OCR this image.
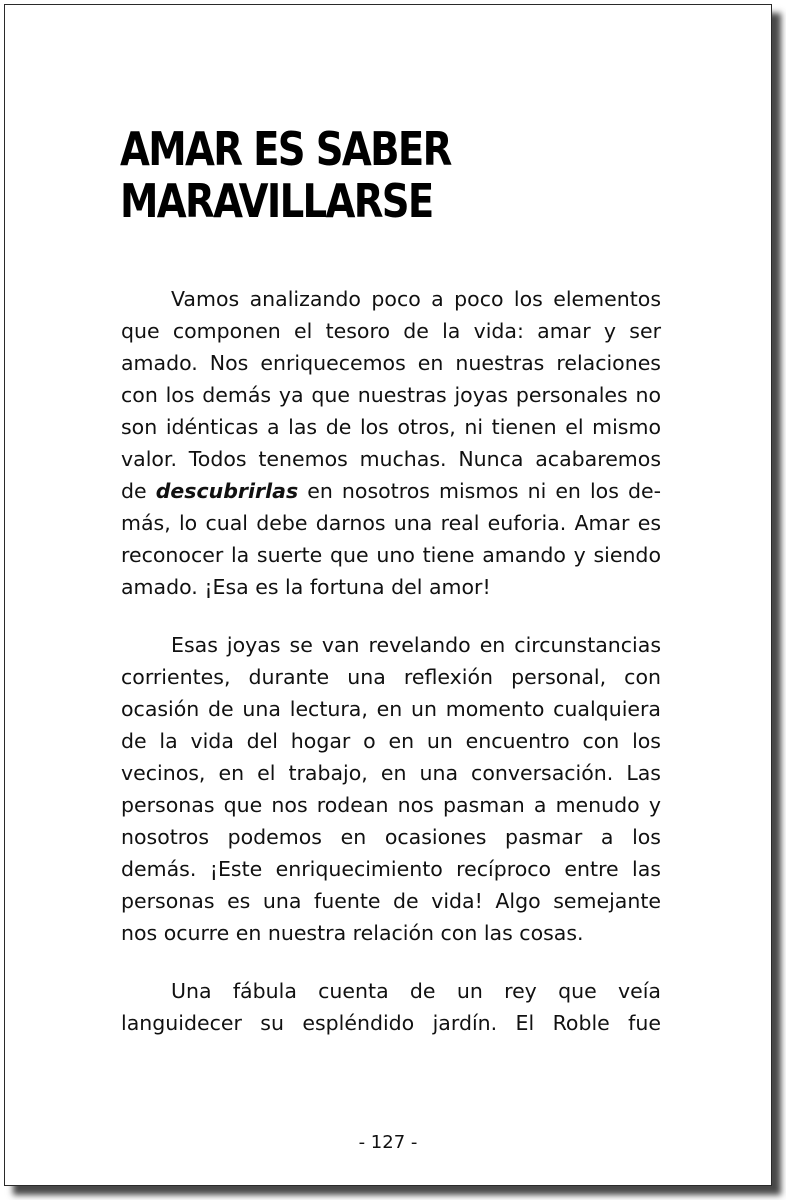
AMAR ES SABER
MARAVILLARSE

Vamos analizando poco a poco los elementos que componen el tesoro de la vida: amar y ser amado. Nos enriquecemos en nuestras relaciones con los demás ya que nuestras joyas personales no son idénticas a las de los otros, ni tienen el mismo valor. Todos tenemos muchas. Nunca acabaremos de descubrirlas en nosotros mismos ni en los demás, lo cual debe darnos una real euforia. Amar es reconocer la suerte que uno tiene amando y siendo amado. ¡Esa es la fortuna del amor!

Esas joyas se van revelando en circunstancias corrientes, durante una reflexión personal, con ocasión de una lectura, en un momento cualquiera de la vida del hogar o en un encuentro con los vecinos, en el trabajo, en una conversación. Las personas que nos rodean nos pasman a menudo y nosotros podemos en ocasiones pasmar a los demás. ¡Este enriquecimiento recíproco entre las personas es una fuente de vida! Algo semejante nos ocurre en nuestra relación con las cosas.

Una fábula cuenta de un rey que veía languidecer su espléndido jardín. El Roble fue

- 127 -
